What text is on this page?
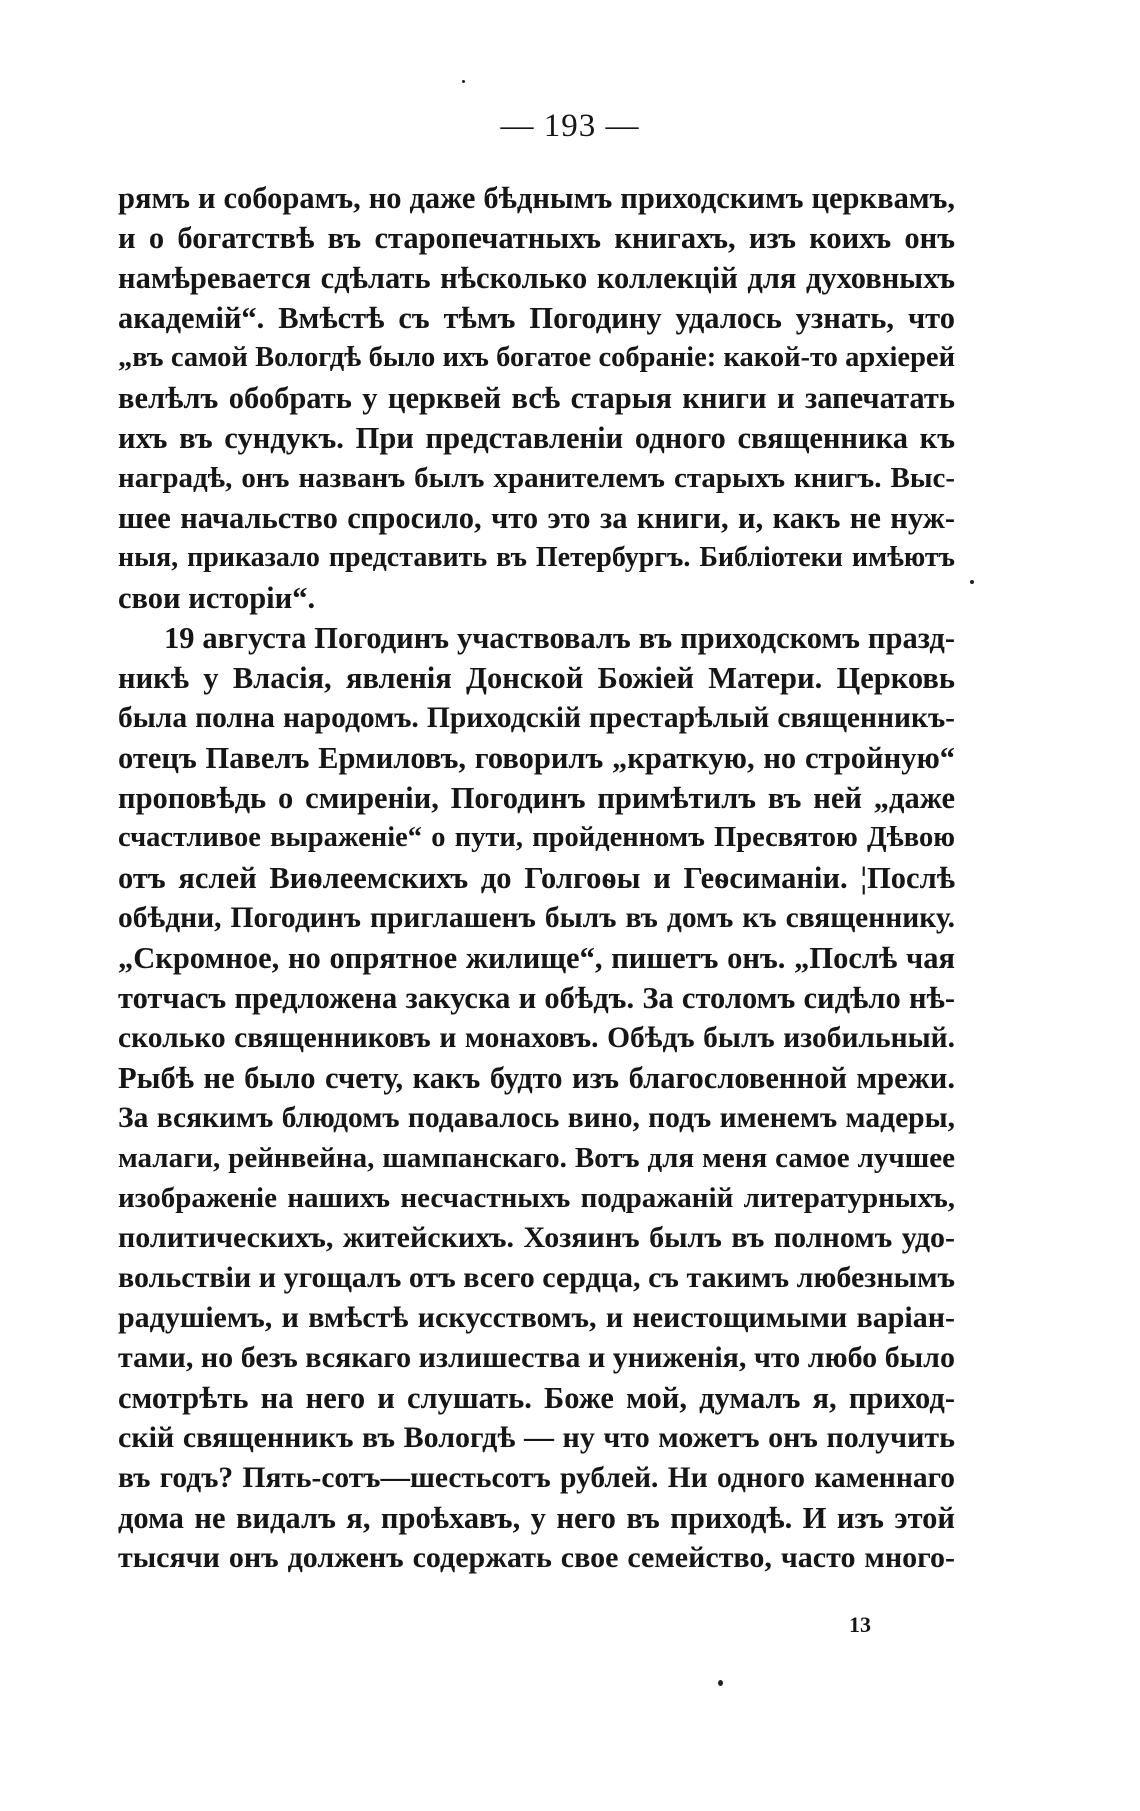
— 193 —
рямъ и соборамъ, но даже бѣднымъ приходскимъ церквамъ,
и о богатствѣ въ старопечатныхъ книгахъ, изъ коихъ онъ
намѣревается сдѣлать нѣсколько коллекцій для духовныхъ
академій“. Вмѣстѣ съ тѣмъ Погодину удалось узнать, что
„въ самой Вологдѣ было ихъ богатое собраніе: какой-то архіерей
велѣлъ обобрать у церквей всѣ старыя книги и запечатать
ихъ въ сундукъ. При представленіи одного священника къ
наградѣ, онъ названъ былъ хранителемъ старыхъ книгъ. Выс-
шее начальство спросило, что это за книги, и, какъ не нуж-
ныя, приказало представить въ Петербургъ. Библіотеки имѣютъ
свои исторіи“.
19 августа Погодинъ участвовалъ въ приходскомъ празд-
никѣ у Власія, явленія Донской Божіей Матери. Церковь
была полна народомъ. Приходскій престарѣлый священникъ-
отецъ Павелъ Ермиловъ, говорилъ „краткую, но стройную“
проповѣдь о смиреніи, Погодинъ примѣтилъ въ ней „даже
счастливое выраженіе“ о пути, пройденномъ Пресвятою Дѣвою
отъ яслей Виѳлеемскихъ до Голгоѳы и Геѳсиманіи. ¦Послѣ
обѣдни, Погодинъ приглашенъ былъ въ домъ къ священнику.
„Скромное, но опрятное жилище“, пишетъ онъ. „Послѣ чая
тотчасъ предложена закуска и обѣдъ. За столомъ сидѣло нѣ-
сколько священниковъ и монаховъ. Обѣдъ былъ изобильный.
Рыбѣ не было счету, какъ будто изъ благословенной мрежи.
За всякимъ блюдомъ подавалось вино, подъ именемъ мадеры,
малаги, рейнвейна, шампанскаго. Вотъ для меня самое лучшее
изображеніе нашихъ несчастныхъ подражаній литературныхъ,
политическихъ, житейскихъ. Хозяинъ былъ въ полномъ удо-
вольствіи и угощалъ отъ всего сердца, съ такимъ любезнымъ
радушіемъ, и вмѣстѣ искусствомъ, и неистощимыми варіан-
тами, но безъ всякаго излишества и униженія, что любо было
смотрѣть на него и слушать. Боже мой, думалъ я, приход-
скій священникъ въ Вологдѣ — ну что можетъ онъ получить
въ годъ? Пять-сотъ—шестьсотъ рублей. Ни одного каменнаго
дома не видалъ я, проѣхавъ, у него въ приходѣ. И изъ этой
тысячи онъ долженъ содержать свое семейство, часто много-
13
